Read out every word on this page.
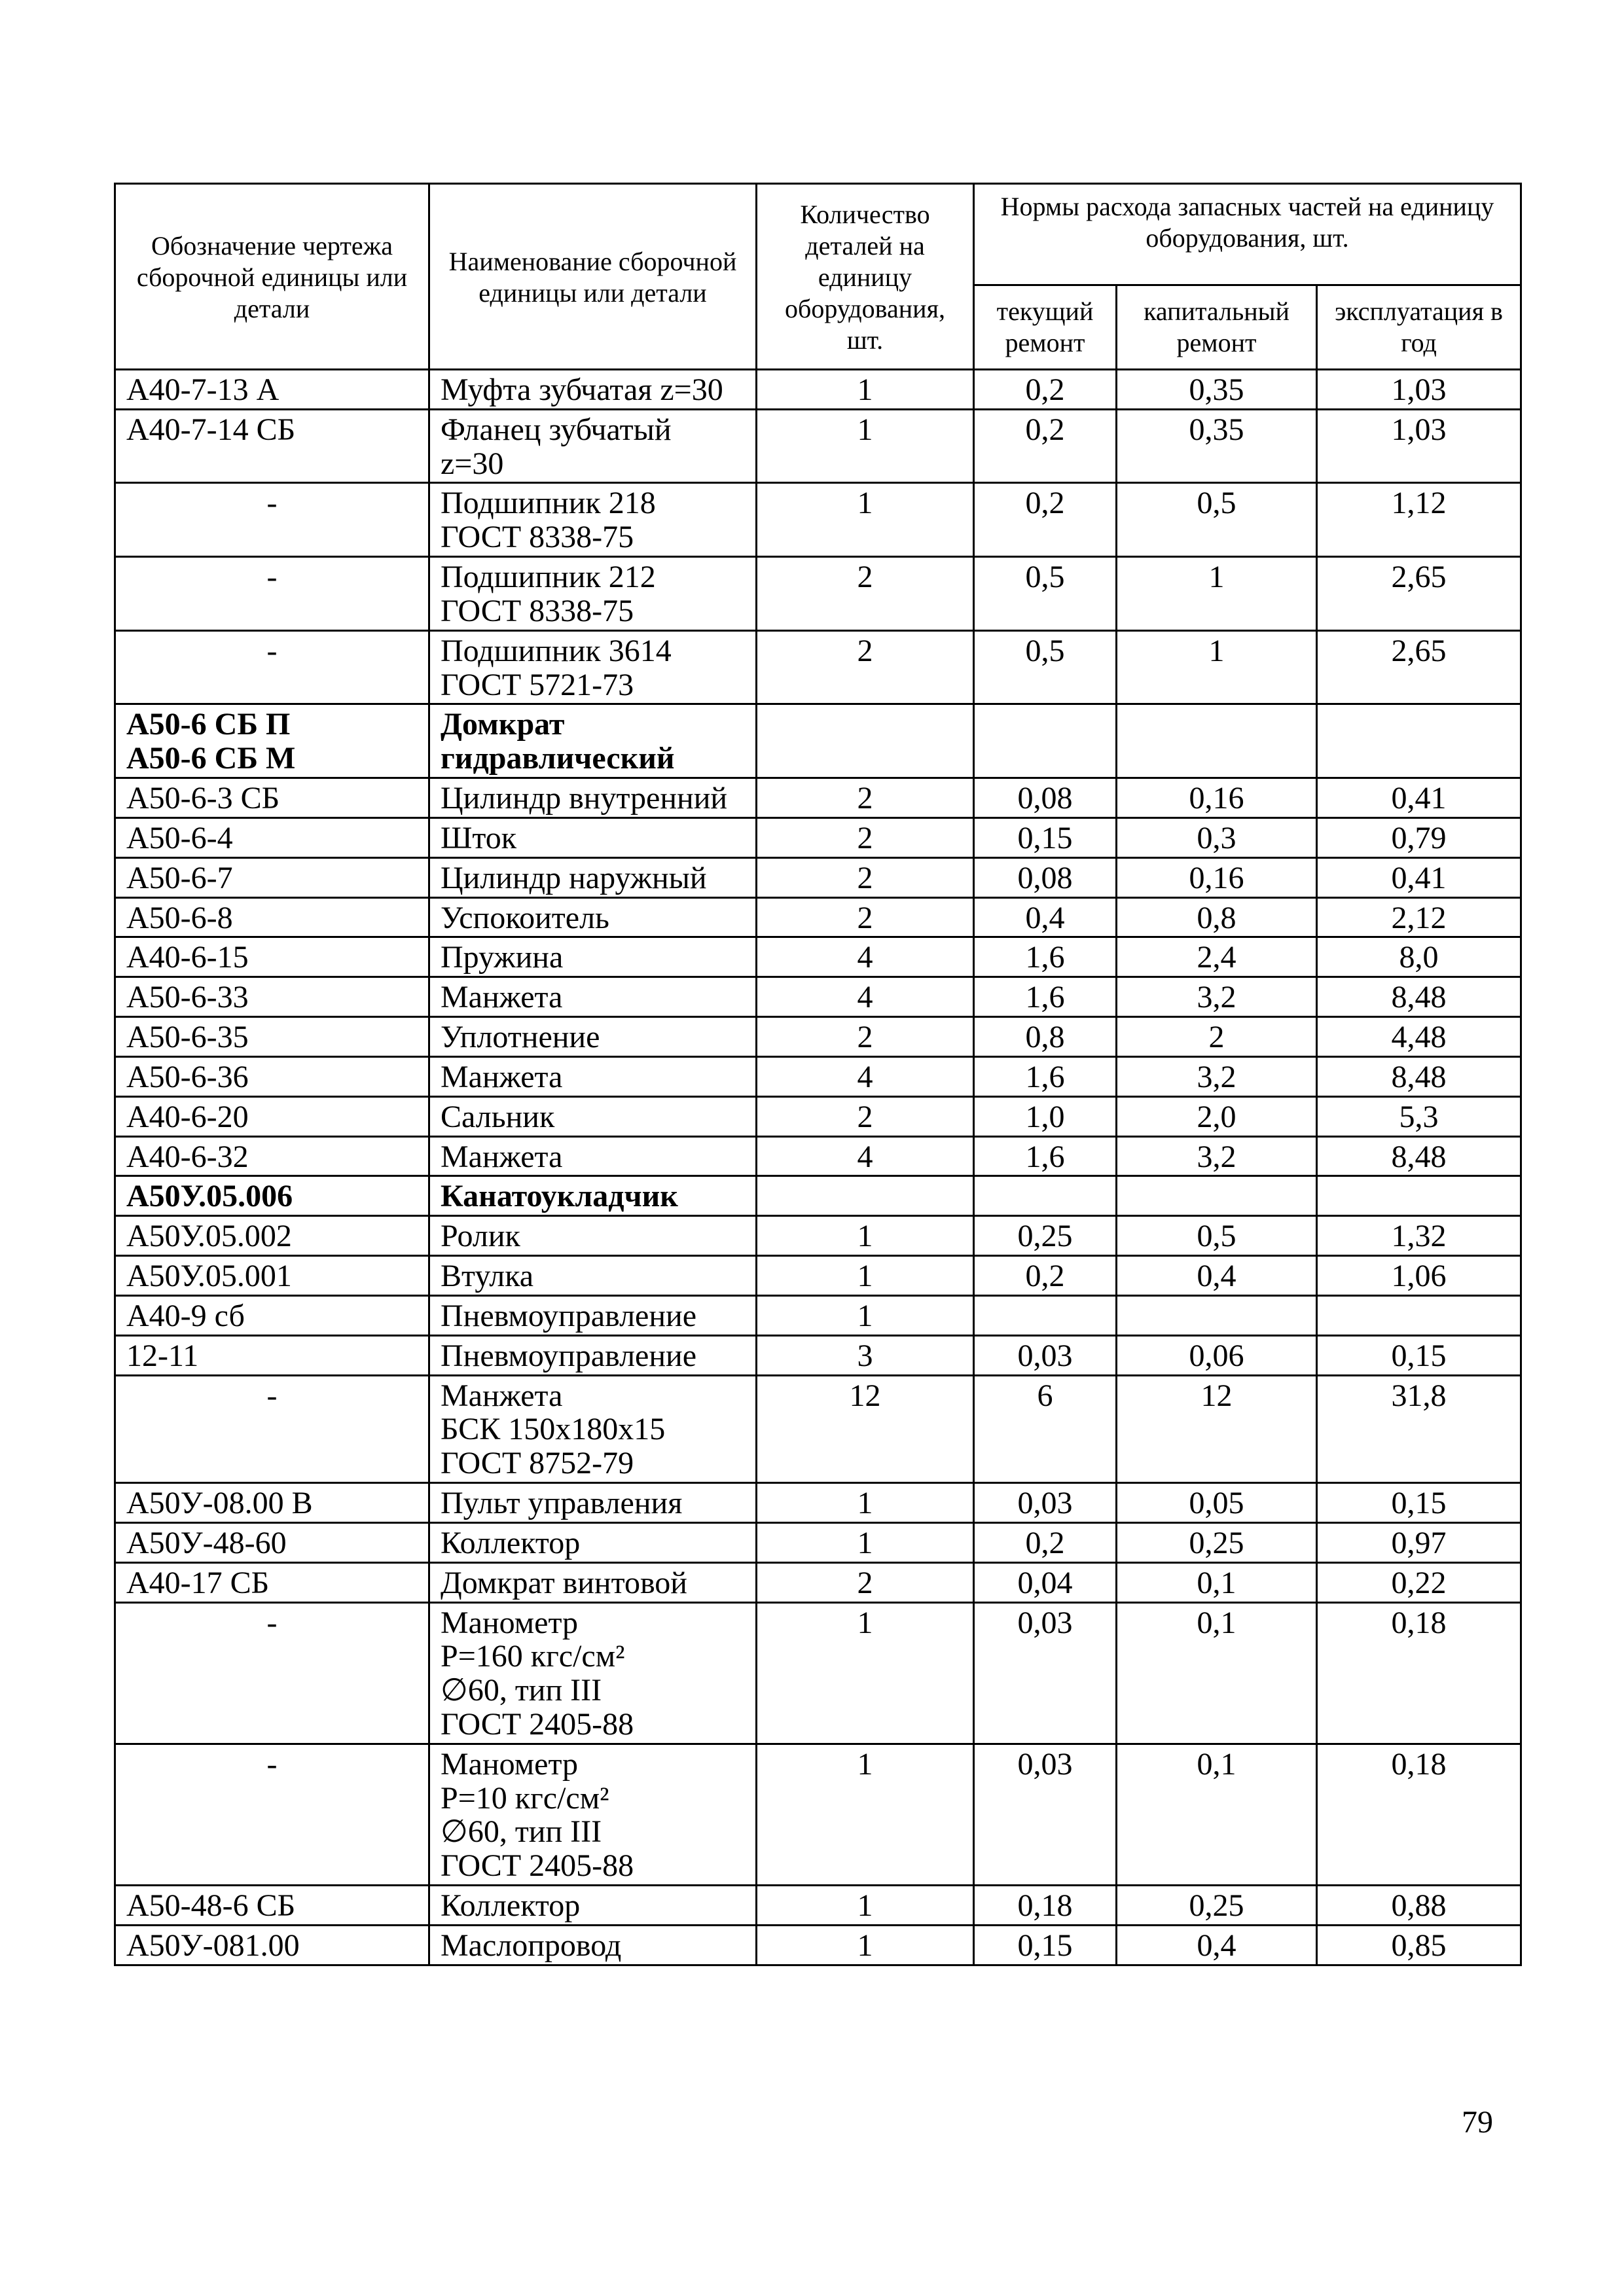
Обозначение чертежа сборочной единицы или детали	Наименование сборочной единицы или детали	Количество деталей на единицу оборудования, шт.	Нормы расхода запасных частей на единицу оборудования, шт.		
			текущий ремонт	капитальный ремонт	эксплуатация в год

А40-7-13 А	Муфта зубчатая z=30	1	0,2	0,35	1,03

А40-7-14 СБ	Фланец зубчатый
z=30	1	0,2	0,35	1,03

-	Подшипник 218
ГОСТ 8338-75	1	0,2	0,5	1,12

-	Подшипник 212
ГОСТ 8338-75	2	0,5	1	2,65

-	Подшипник 3614
ГОСТ 5721-73	2	0,5	1	2,65

А50-6 СБ П
А50-6 СБ М	Домкрат
гидравлический				

А50-6-3 СБ	Цилиндр внутренний	2	0,08	0,16	0,41

А50-6-4	Шток	2	0,15	0,3	0,79

А50-6-7	Цилиндр наружный	2	0,08	0,16	0,41

А50-6-8	Успокоитель	2	0,4	0,8	2,12

А40-6-15	Пружина	4	1,6	2,4	8,0

А50-6-33	Манжета	4	1,6	3,2	8,48

А50-6-35	Уплотнение	2	0,8	2	4,48

А50-6-36	Манжета	4	1,6	3,2	8,48

А40-6-20	Сальник	2	1,0	2,0	5,3

А40-6-32	Манжета	4	1,6	3,2	8,48

А50У.05.006	Канатоукладчик				

А50У.05.002	Ролик	1	0,25	0,5	1,32

А50У.05.001	Втулка	1	0,2	0,4	1,06

А40-9 сб	Пневмоуправление	1			

12-11	Пневмоуправление	3	0,03	0,06	0,15

-	Манжета
БСК 150х180х15
ГОСТ 8752-79	12	6	12	31,8

А50У-08.00 В	Пульт управления	1	0,03	0,05	0,15

А50У-48-60	Коллектор	1	0,2	0,25	0,97

А40-17 СБ	Домкрат винтовой	2	0,04	0,1	0,22

-	Манометр
Р=160 кгс/см²
∅60, тип III
ГОСТ 2405-88	1	0,03	0,1	0,18

-	Манометр
Р=10 кгс/см²
∅60, тип III
ГОСТ 2405-88	1	0,03	0,1	0,18

А50-48-6 СБ	Коллектор	1	0,18	0,25	0,88

А50У-081.00	Маслопровод	1	0,15	0,4	0,85
79
